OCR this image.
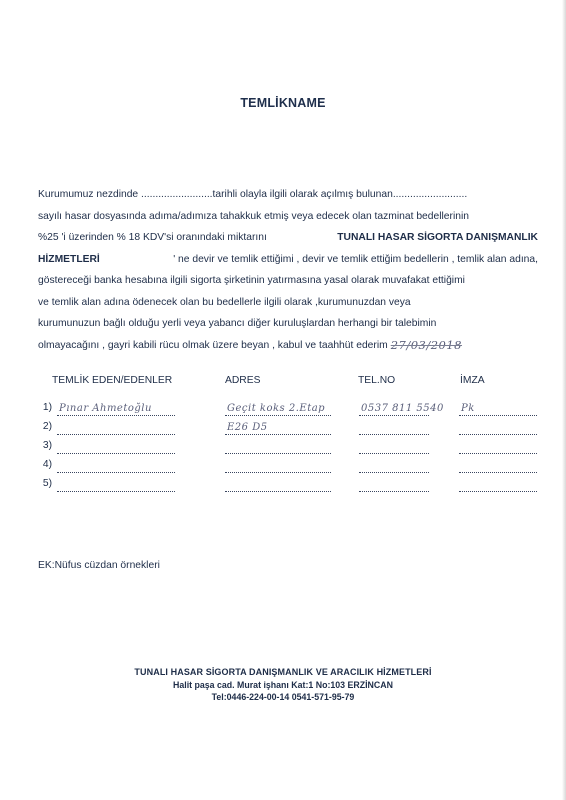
TEMLİKNAME
Kurumumuz nezdinde .........................tarihli olayla ilgili olarak açılmış bulunan..........................
sayılı hasar dosyasında adıma/adımıza tahakkuk etmiş veya edecek olan tazminat bedellerinin
%25 'i üzerinden % 18 KDV'si oranındaki miktarını	TUNALI HASAR SİGORTA DANIŞMANLIK
HİZMETLERİ	' ne devir ve temlik ettiğimi , devir ve temlik ettiğim bedellerin , temlik alan adına,
göstereceği banka hesabına ilgili sigorta şirketinin yatırmasına yasal olarak muvafakat ettiğimi
ve temlik alan adına ödenecek olan bu bedellerle ilgili olarak ,kurumunuzdan veya
kurumunuzun bağlı olduğu yerli veya yabancı diğer kuruluşlardan herhangi bir talebimin
olmayacağını , gayri kabili rücu olmak üzere beyan , kabul ve taahhüt ederim 27/03/2018
TEMLİK EDEN/EDENLER	ADRES	TEL.NO	İMZA
1) Pınar Ahmetoğlu	Geçit koks 2.Etap	0537 811 5540 Pk
2)	E26 D5
3)
4)
5)
EK:Nüfus cüzdan örnekleri
TUNALI HASAR SİGORTA DANIŞMANLIK VE ARACILIK HİZMETLERİ
Halit paşa cad. Murat işhanı Kat:1 No:103 ERZİNCAN
Tel:0446-224-00-14 0541-571-95-79
